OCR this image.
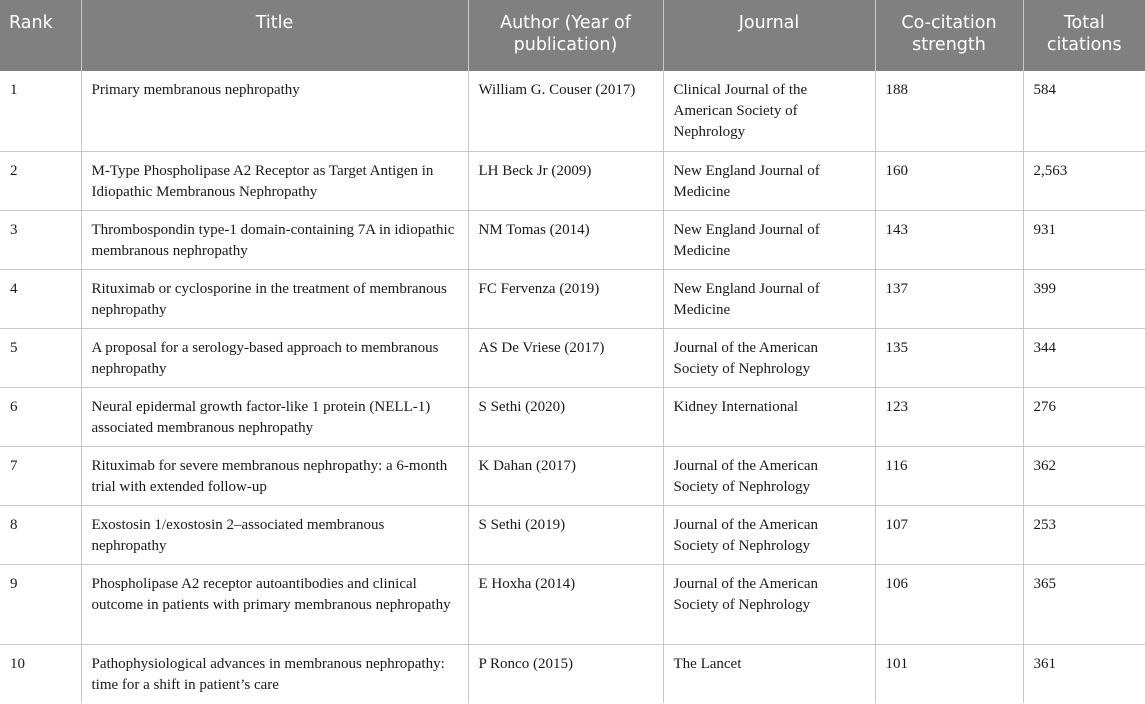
Rank	Title	Author (Year of publication)	Journal	Co-citation strength	Total citations
1	Primary membranous nephropathy	William G. Couser (2017)	Clinical Journal of the American Society of Nephrology	188	584
2	M-Type Phospholipase A2 Receptor as Target Antigen in Idiopathic Membranous Nephropathy	LH Beck Jr (2009)	New England Journal of Medicine	160	2,563
3	Thrombospondin type-1 domain-containing 7A in idiopathic membranous nephropathy	NM Tomas (2014)	New England Journal of Medicine	143	931
4	Rituximab or cyclosporine in the treatment of membranous nephropathy	FC Fervenza (2019)	New England Journal of Medicine	137	399
5	A proposal for a serology-based approach to membranous nephropathy	AS De Vriese (2017)	Journal of the American Society of Nephrology	135	344
6	Neural epidermal growth factor-like 1 protein (NELL-1) associated membranous nephropathy	S Sethi (2020)	Kidney International	123	276
7	Rituximab for severe membranous nephropathy: a 6-month trial with extended follow-up	K Dahan (2017)	Journal of the American Society of Nephrology	116	362
8	Exostosin 1/exostosin 2–associated membranous nephropathy	S Sethi (2019)	Journal of the American Society of Nephrology	107	253
9	Phospholipase A2 receptor autoantibodies and clinical outcome in patients with primary membranous nephropathy	E Hoxha (2014)	Journal of the American Society of Nephrology	106	365
10	Pathophysiological advances in membranous nephropathy: time for a shift in patient’s care	P Ronco (2015)	The Lancet	101	361
